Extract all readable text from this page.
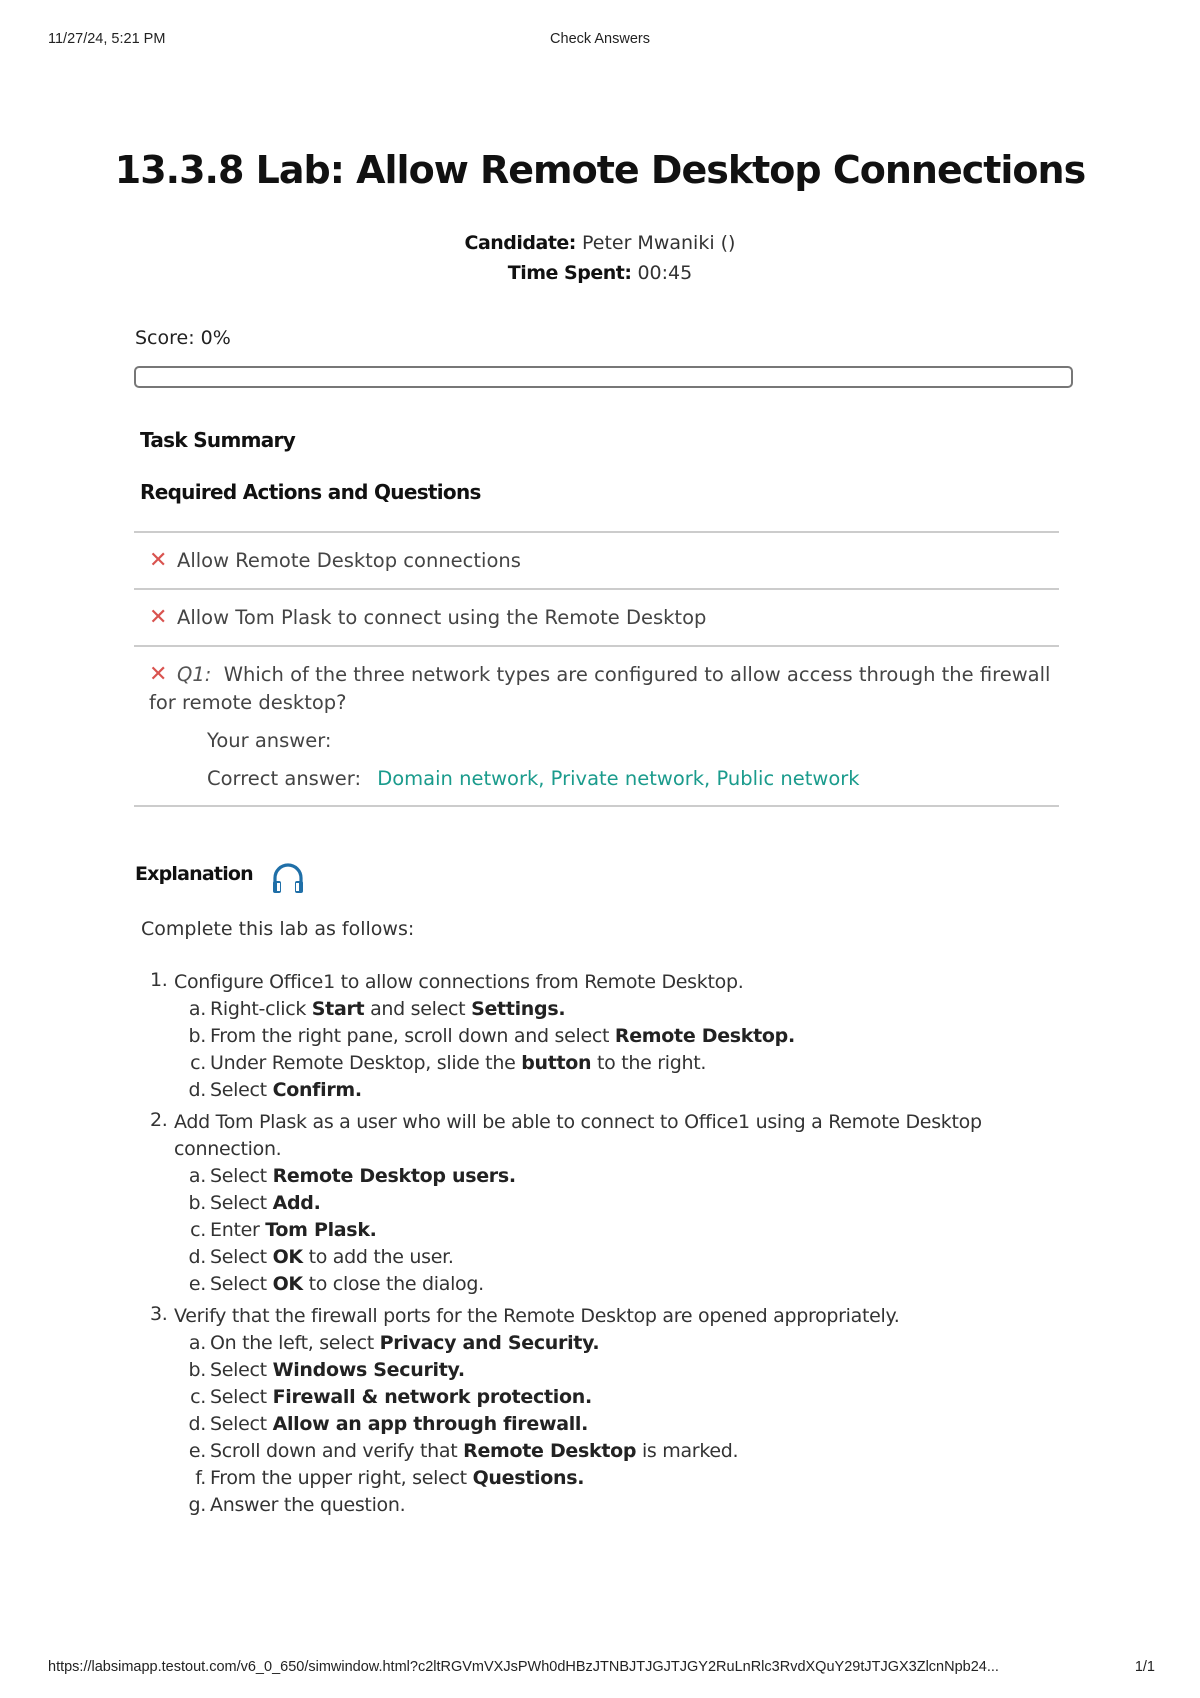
11/27/24, 5:21 PM	Check Answers
13.3.8 Lab: Allow Remote Desktop Connections
Candidate: Peter Mwaniki ()
Time Spent: 00:45
Score: 0%
Task Summary
Required Actions and Questions
✕ Allow Remote Desktop connections
✕ Allow Tom Plask to connect using the Remote Desktop
✕ Q1: Which of the three network types are configured to allow access through the firewall for remote desktop?
Your answer:
Correct answer: Domain network, Private network, Public network
Explanation
Complete this lab as follows:
1. Configure Office1 to allow connections from Remote Desktop.
a. Right-click Start and select Settings.
b. From the right pane, scroll down and select Remote Desktop.
c. Under Remote Desktop, slide the button to the right.
d. Select Confirm.
2. Add Tom Plask as a user who will be able to connect to Office1 using a Remote Desktop connection.
a. Select Remote Desktop users.
b. Select Add.
c. Enter Tom Plask.
d. Select OK to add the user.
e. Select OK to close the dialog.
3. Verify that the firewall ports for the Remote Desktop are opened appropriately.
a. On the left, select Privacy and Security.
b. Select Windows Security.
c. Select Firewall & network protection.
d. Select Allow an app through firewall.
e. Scroll down and verify that Remote Desktop is marked.
f. From the upper right, select Questions.
g. Answer the question.
https://labsimapp.testout.com/v6_0_650/simwindow.html?c2ltRGVmVXJsPWh0dHBzJTNBJTJGJTJGY2RuLnRlc3RvdXQuY29tJTJGX3ZlcnNpb24...	1/1
